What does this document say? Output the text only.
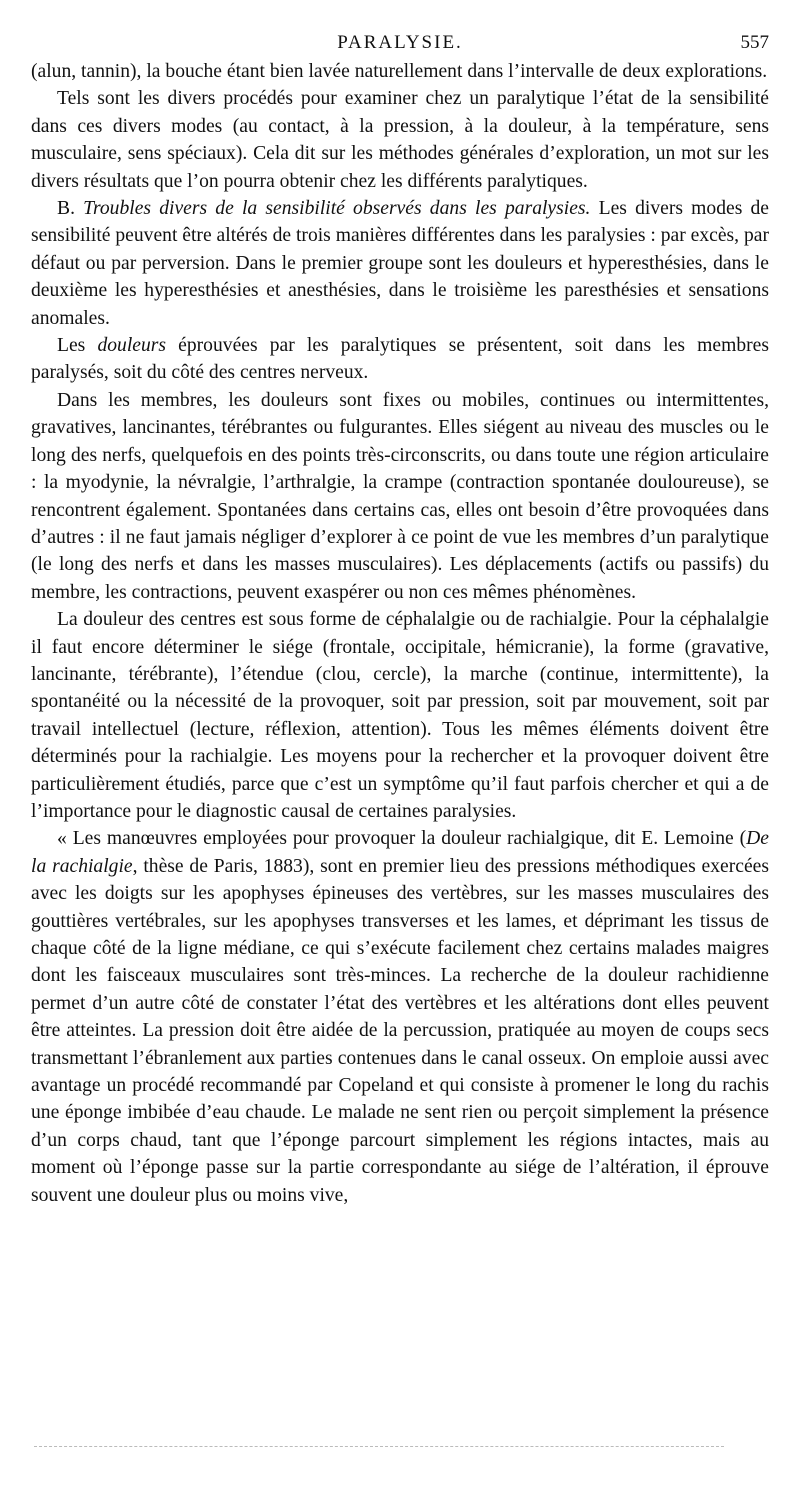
PARALYSIE.	557

(alun, tannin), la bouche étant bien lavée naturellement dans l’intervalle de deux explorations.

Tels sont les divers procédés pour examiner chez un paralytique l’état de la sensibilité dans ces divers modes (au contact, à la pression, à la douleur, à la température, sens musculaire, sens spéciaux). Cela dit sur les méthodes générales d’exploration, un mot sur les divers résultats que l’on pourra obtenir chez les différents paralytiques.

B. Troubles divers de la sensibilité observés dans les paralysies. Les divers modes de sensibilité peuvent être altérés de trois manières différentes dans les paralysies : par excès, par défaut ou par perversion. Dans le premier groupe sont les douleurs et hyperesthésies, dans le deuxième les hyperesthésies et anesthésies, dans le troisième les paresthésies et sensations anomales.

Les douleurs éprouvées par les paralytiques se présentent, soit dans les membres paralysés, soit du côté des centres nerveux.

Dans les membres, les douleurs sont fixes ou mobiles, continues ou intermittentes, gravatives, lancinantes, térébrantes ou fulgurantes. Elles siégent au niveau des muscles ou le long des nerfs, quelquefois en des points très-circonscrits, ou dans toute une région articulaire : la myodynie, la névralgie, l’arthralgie, la crampe (contraction spontanée douloureuse), se rencontrent également. Spontanées dans certains cas, elles ont besoin d’être provoquées dans d’autres : il ne faut jamais négliger d’explorer à ce point de vue les membres d’un paralytique (le long des nerfs et dans les masses musculaires). Les déplacements (actifs ou passifs) du membre, les contractions, peuvent exaspérer ou non ces mêmes phénomènes.

La douleur des centres est sous forme de céphalalgie ou de rachialgie. Pour la céphalalgie il faut encore déterminer le siége (frontale, occipitale, hémicranie), la forme (gravative, lancinante, térébrante), l’étendue (clou, cercle), la marche (continue, intermittente), la spontanéité ou la nécessité de la provoquer, soit par pression, soit par mouvement, soit par travail intellectuel (lecture, réflexion, attention). Tous les mêmes éléments doivent être déterminés pour la rachialgie. Les moyens pour la rechercher et la provoquer doivent être particulièrement étudiés, parce que c’est un symptôme qu’il faut parfois chercher et qui a de l’importance pour le diagnostic causal de certaines paralysies.

« Les manœuvres employées pour provoquer la douleur rachialgique, dit E. Lemoine (De la rachialgie, thèse de Paris, 1883), sont en premier lieu des pressions méthodiques exercées avec les doigts sur les apophyses épineuses des vertèbres, sur les masses musculaires des gouttières vertébrales, sur les apophyses transverses et les lames, et déprimant les tissus de chaque côté de la ligne médiane, ce qui s’exécute facilement chez certains malades maigres dont les faisceaux musculaires sont très-minces. La recherche de la douleur rachidienne permet d’un autre côté de constater l’état des vertèbres et les altérations dont elles peuvent être atteintes. La pression doit être aidée de la percussion, pratiquée au moyen de coups secs transmettant l’ébranlement aux parties contenues dans le canal osseux. On emploie aussi avec avantage un procédé recommandé par Copeland et qui consiste à promener le long du rachis une éponge imbibée d’eau chaude. Le malade ne sent rien ou perçoit simplement la présence d’un corps chaud, tant que l’éponge parcourt simplement les régions intactes, mais au moment où l’éponge passe sur la partie correspondante au siége de l’altération, il éprouve souvent une douleur plus ou moins vive,
